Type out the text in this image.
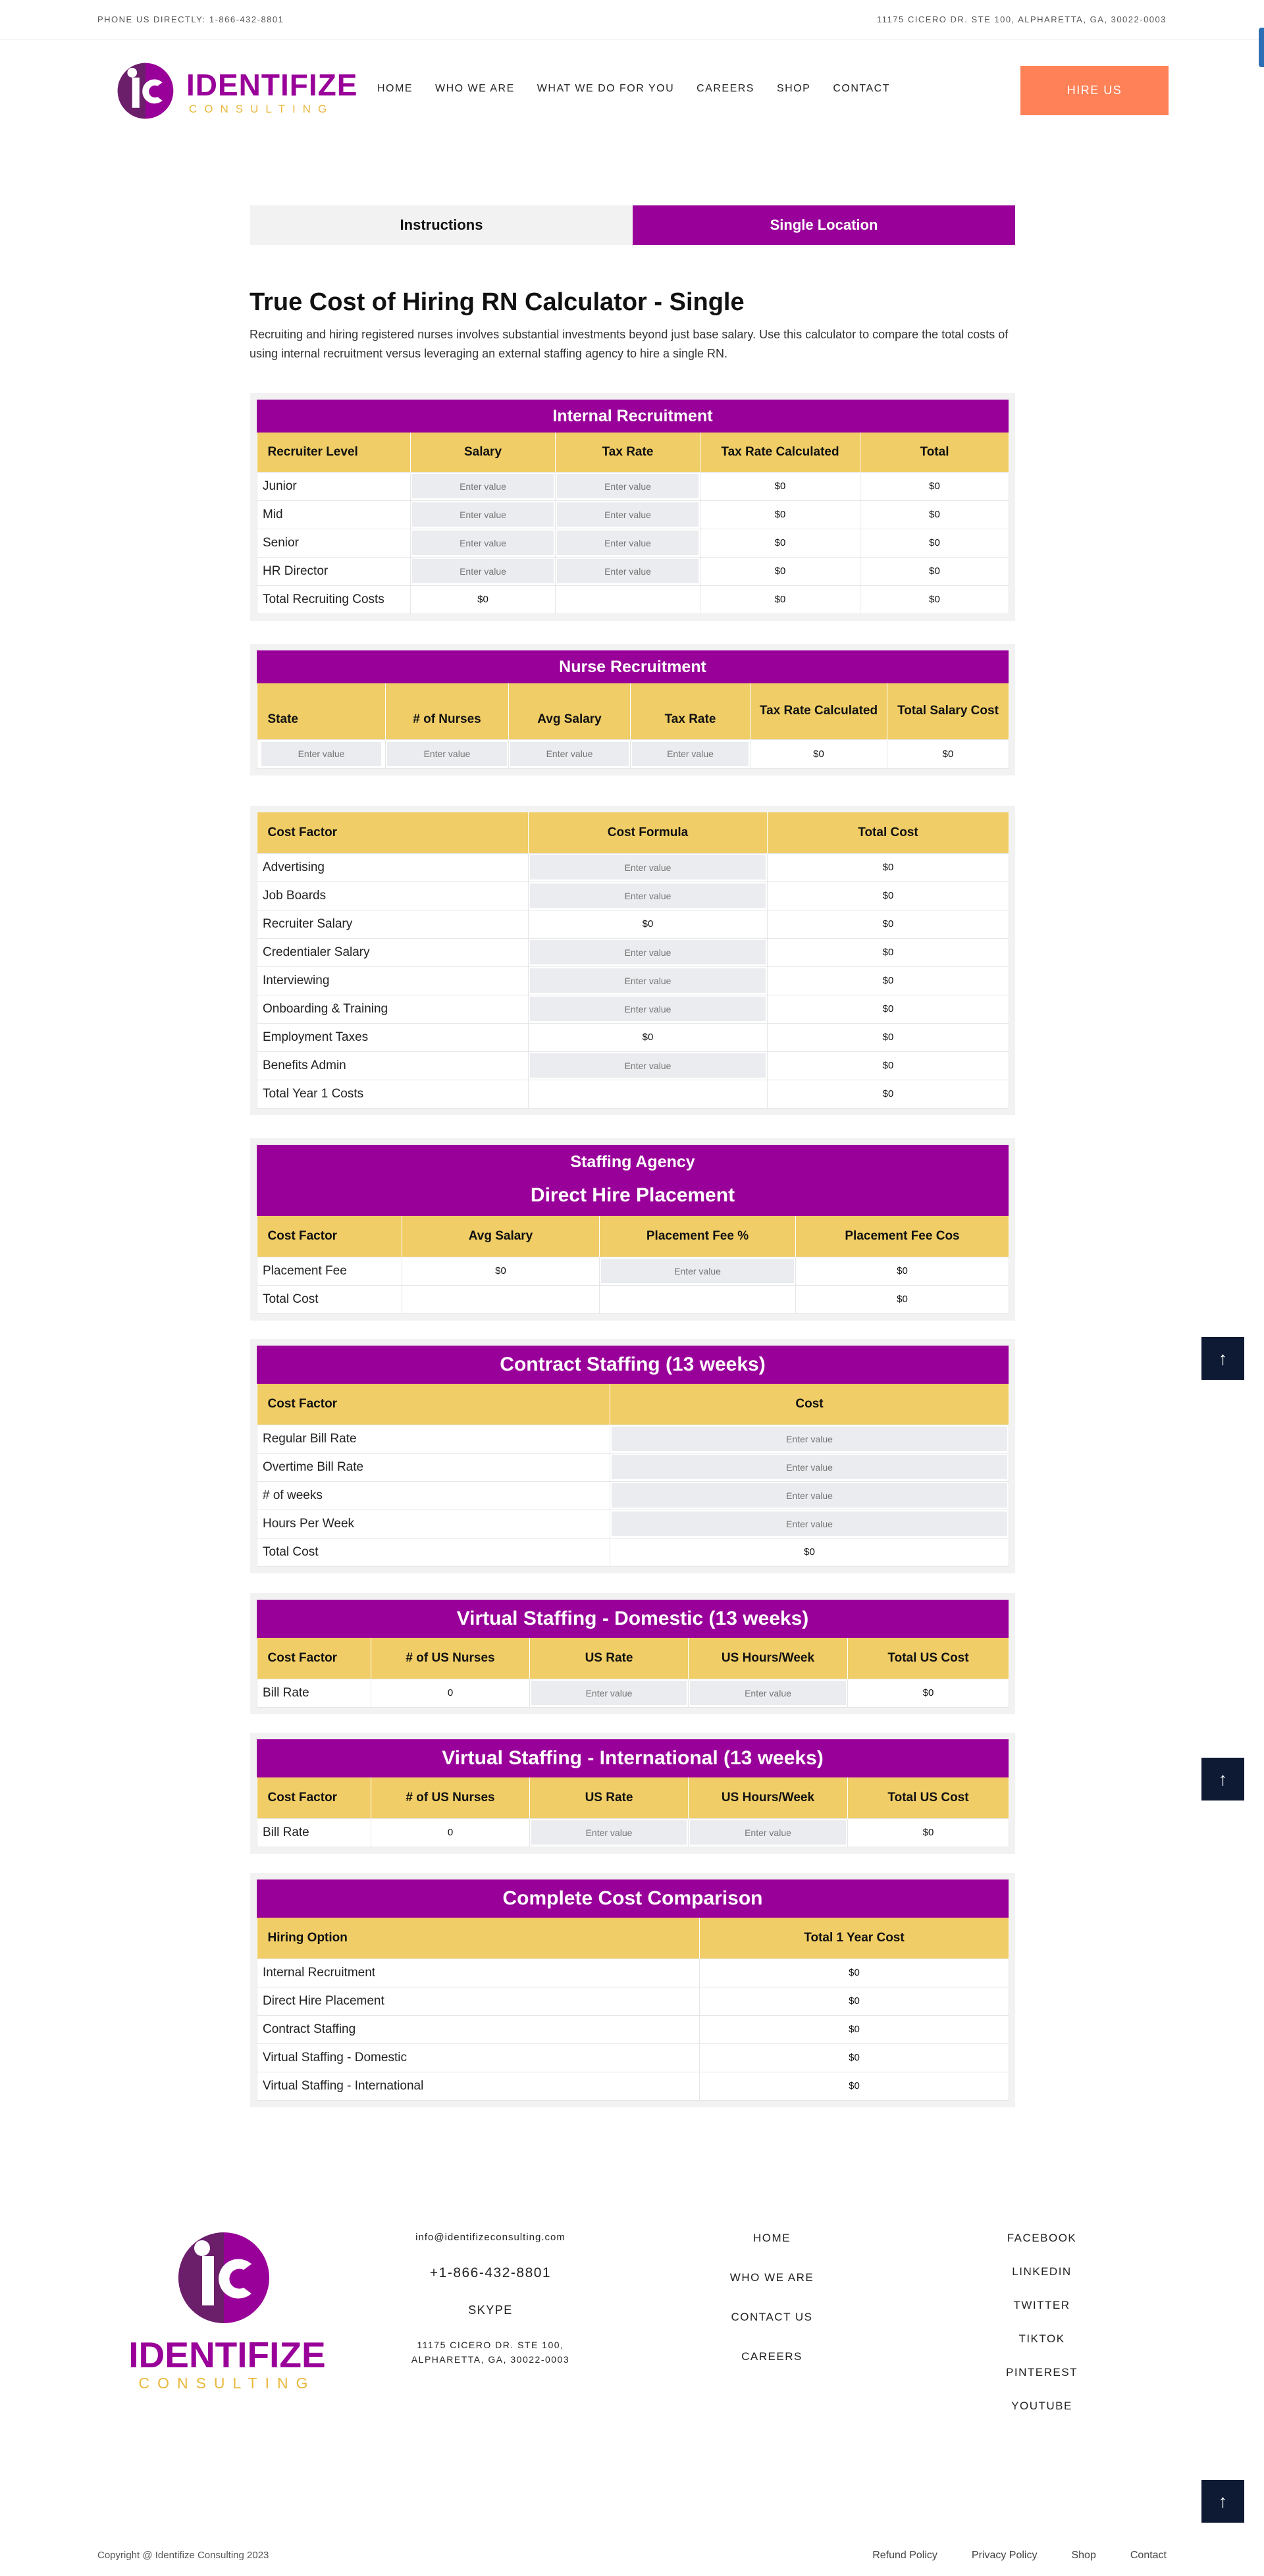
PHONE US DIRECTLY: 1-866-432-8801	11175 CICERO DR. STE 100, ALPHARETTA, GA, 30022-0003
IDENTIFIZE
CONSULTING
HOME WHO WE ARE WHAT WE DO FOR YOU CAREERS SHOP CONTACT	HIRE US
Instructions	Single Location
True Cost of Hiring RN Calculator - Single

Recruiting and hiring registered nurses involves substantial investments beyond just base salary. Use this calculator to compare the total costs of using internal recruitment versus leveraging an external staffing agency to hire a single RN.

Internal Recruitment
Recruiter Level	Salary	Tax Rate	Tax Rate Calculated	Total
Junior	Enter value	Enter value	$0	$0
Mid	Enter value	Enter value	$0	$0
Senior	Enter value	Enter value	$0	$0
HR Director	Enter value	Enter value	$0	$0
Total Recruiting Costs	$0		$0	$0
Nurse Recruitment
State	# of Nurses	Avg Salary	Tax Rate	Tax Rate Calculated	Total Salary Cost
Enter value	Enter value	Enter value	Enter value	$0	$0
Cost Factor	Cost Formula	Total Cost
Advertising	Enter value	$0
Job Boards	Enter value	$0
Recruiter Salary	$0	$0
Credentialer Salary	Enter value	$0
Interviewing	Enter value	$0
Onboarding & Training	Enter value	$0
Employment Taxes	$0	$0
Benefits Admin	Enter value	$0
Total Year 1 Costs		$0
Staffing Agency
Direct Hire Placement
Cost Factor	Avg Salary	Placement Fee %	Placement Fee Cos
Placement Fee	$0	Enter value	$0
Total Cost			$0
Contract Staffing (13 weeks)
Cost Factor	Cost
Regular Bill Rate	Enter value
Overtime Bill Rate	Enter value
# of weeks	Enter value
Hours Per Week	Enter value
Total Cost	$0
Virtual Staffing - Domestic (13 weeks)
Cost Factor	# of US Nurses	US Rate	US Hours/Week	Total US Cost
Bill Rate	0	Enter value	Enter value	$0
Virtual Staffing - International (13 weeks)
Cost Factor	# of US Nurses	US Rate	US Hours/Week	Total US Cost
Bill Rate	0	Enter value	Enter value	$0
Complete Cost Comparison
Hiring Option	Total 1 Year Cost
Internal Recruitment	$0
Direct Hire Placement	$0
Contract Staffing	$0
Virtual Staffing - Domestic	$0
Virtual Staffing - International	$0
↑
↑
↑
IDENTIFIZE
CONSULTING
info@identifizeconsulting.com
+1-866-432-8801
SKYPE
11175 CICERO DR. STE 100,
ALPHARETTA, GA, 30022-0003
HOME
WHO WE ARE
CONTACT US
CAREERS
FACEBOOK
LINKEDIN
TWITTER
TIKTOK
PINTEREST
YOUTUBE
Copyright @ Identifize Consulting 2023	Refund Policy	Privacy Policy	Shop	Contact
